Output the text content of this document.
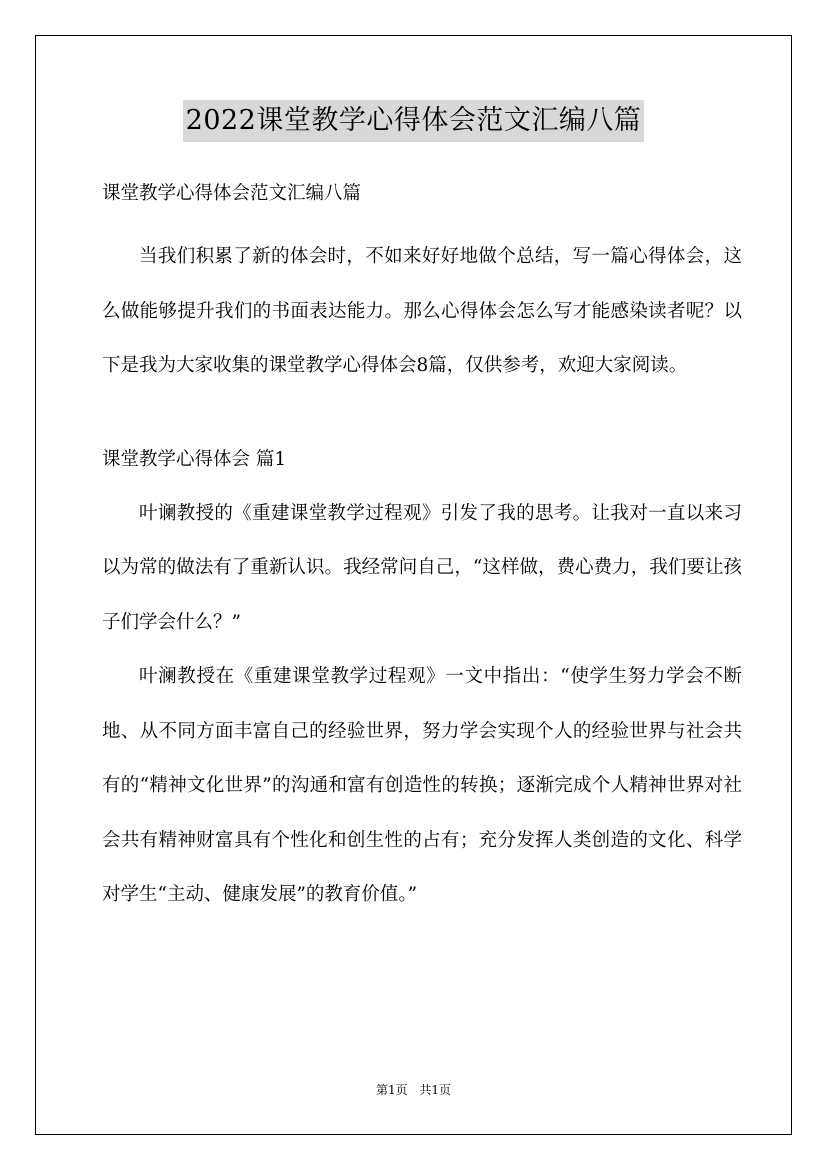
2022课堂教学心得体会范文汇编八篇

课堂教学心得体会范文汇编八篇

当我们积累了新的体会时，不如来好好地做个总结，写一篇心得体会，这么做能够提升我们的书面表达能力。那么心得体会怎么写才能感染读者呢？以下是我为大家收集的课堂教学心得体会8篇，仅供参考，欢迎大家阅读。

课堂教学心得体会 篇1

叶谰教授的《重建课堂教学过程观》引发了我的思考。让我对一直以来习以为常的做法有了重新认识。我经常问自己，“这样做，费心费力，我们要让孩子们学会什么？”

叶澜教授在《重建课堂教学过程观》一文中指出：“使学生努力学会不断地、从不同方面丰富自己的经验世界，努力学会实现个人的经验世界与社会共有的“精神文化世界”的沟通和富有创造性的转换；逐渐完成个人精神世界对社会共有精神财富具有个性化和创生性的占有；充分发挥人类创造的文化、科学对学生“主动、健康发展”的教育价值。”

第1页 共1页
